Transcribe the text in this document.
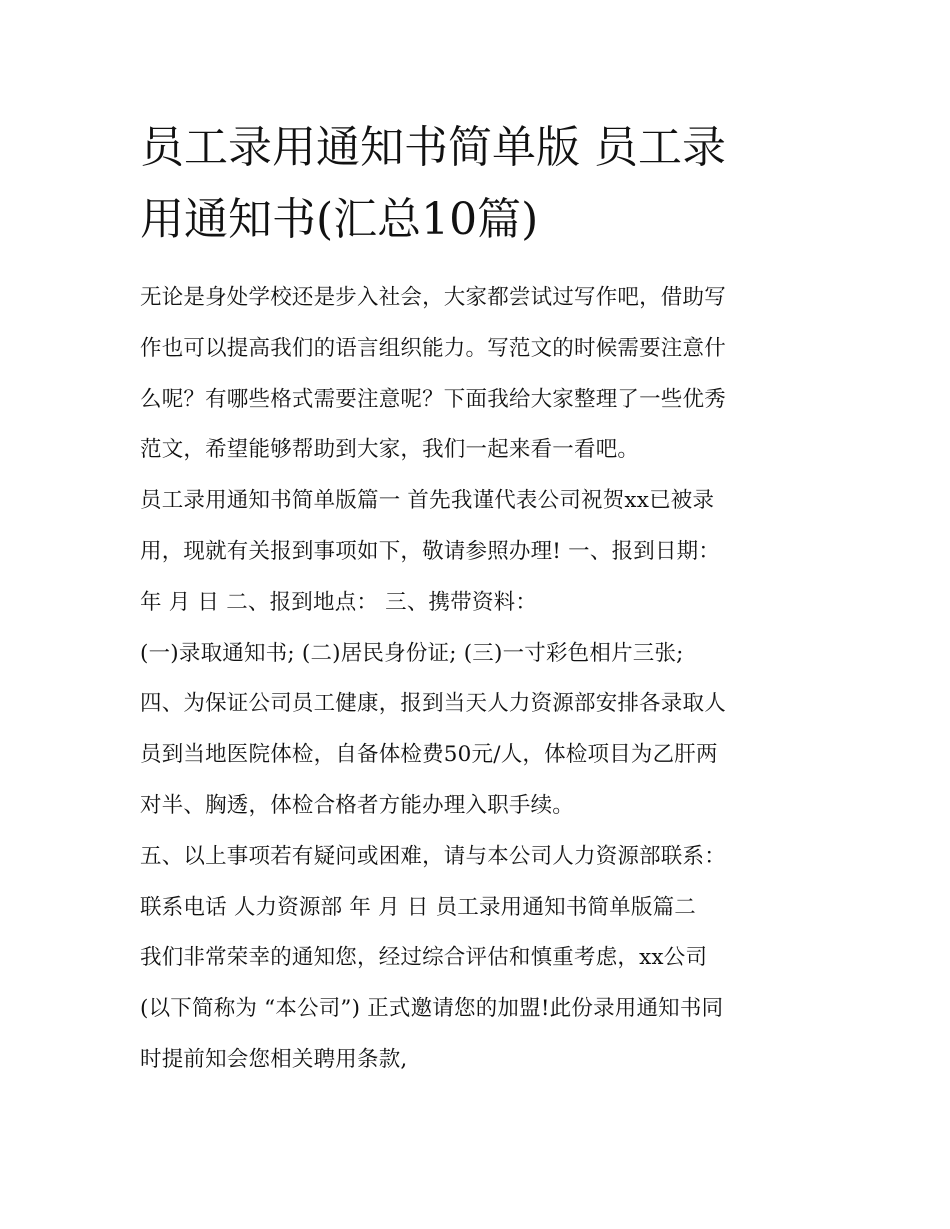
员工录用通知书简单版 员工录
用通知书(汇总10篇)

无论是身处学校还是步入社会，大家都尝试过写作吧，借助写

作也可以提高我们的语言组织能力。写范文的时候需要注意什

么呢？有哪些格式需要注意呢？下面我给大家整理了一些优秀

范文，希望能够帮助到大家，我们一起来看一看吧。

员工录用通知书简单版篇一 首先我谨代表公司祝贺xx已被录

用，现就有关报到事项如下，敬请参照办理! 一、报到日期：

年 月 日 二、报到地点： 三、携带资料：

(一)录取通知书; (二)居民身份证; (三)一寸彩色相片三张;

四、为保证公司员工健康，报到当天人力资源部安排各录取人

员到当地医院体检，自备体检费50元/人，体检项目为乙肝两

对半、胸透，体检合格者方能办理入职手续。

五、以上事项若有疑问或困难，请与本公司人力资源部联系：

联系电话 人力资源部 年 月 日 员工录用通知书简单版篇二

我们非常荣幸的通知您，经过综合评估和慎重考虑，xx公司

(以下简称为 “本公司”) 正式邀请您的加盟!此份录用通知书同

时提前知会您相关聘用条款,
